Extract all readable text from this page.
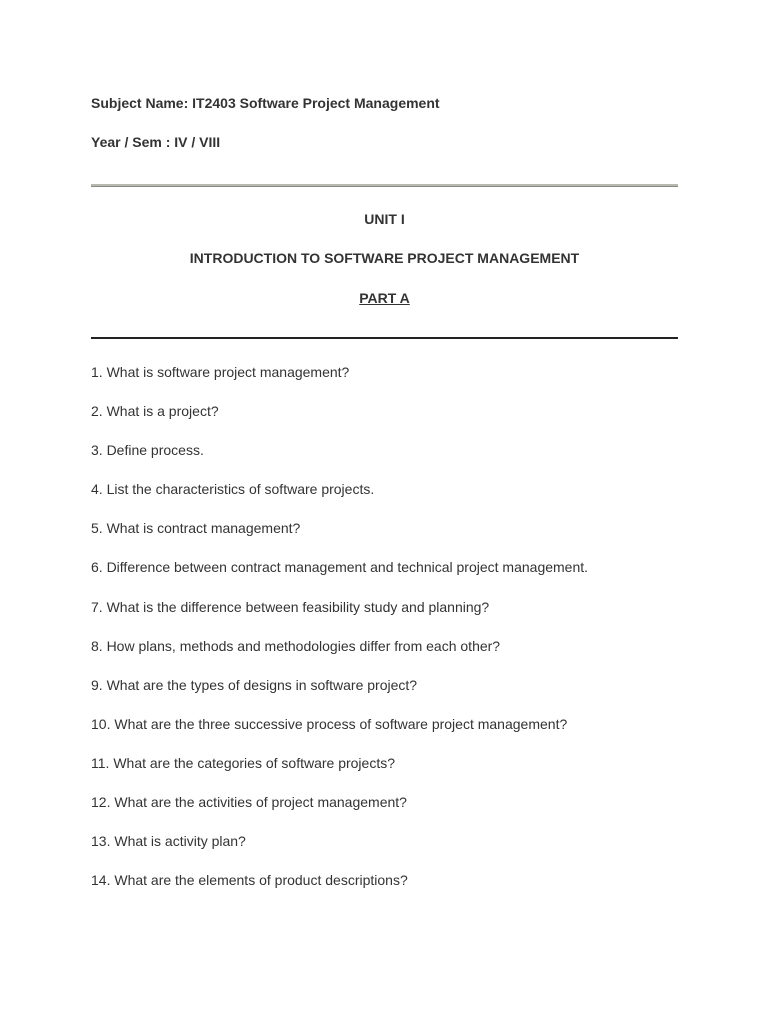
Subject Name: IT2403 Software Project Management
Year / Sem : IV / VIII
UNIT I
INTRODUCTION TO SOFTWARE PROJECT MANAGEMENT
PART A
1. What is software project management?
2. What is a project?
3. Define process.
4. List the characteristics of software projects.
5. What is contract management?
6. Difference between contract management and technical project management.
7. What is the difference between feasibility study and planning?
8. How plans, methods and methodologies differ from each other?
9. What are the types of designs in software project?
10. What are the three successive process of software project management?
11. What are the categories of software projects?
12. What are the activities of project management?
13. What is activity plan?
14. What are the elements of product descriptions?
